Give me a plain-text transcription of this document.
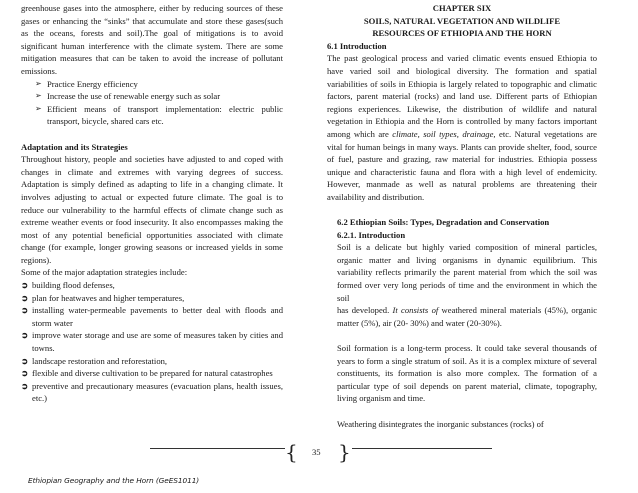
greenhouse gases into the atmosphere, either by reducing sources of these gases or enhancing the “sinks” that accumulate and store these gases(such as the oceans, forests and soil).The goal of mitigations is to avoid significant human interference with the climate system. There are some mitigation measures that can be taken to avoid the increase of pollutant emissions.

➢ Practice Energy efficiency
➢ Increase the use of renewable energy such as solar
➢ Efficient means of transport implementation: electric public transport, bicycle, shared cars etc.

Adaptation and its Strategies

Throughout history, people and societies have adjusted to and coped with changes in climate and extremes with varying degrees of success. Adaptation is simply defined as adapting to life in a changing climate. It involves adjusting to actual or expected future climate. The goal is to reduce our vulnerability to the harmful effects of climate change such as extreme weather events or food insecurity. It also encompasses making the most of any potential beneficial opportunities associated with climate change (for example, longer growing seasons or increased yields in some regions).

Some of the major adaptation strategies include:

➲ building flood defenses,
➲ plan for heatwaves and higher temperatures,
➲ installing water-permeable pavements to better deal with floods and storm water
➲ improve water storage and use are some of measures taken by cities and towns.
➲ landscape restoration and reforestation,
➲ flexible and diverse cultivation to be prepared for natural catastrophes
➲ preventive and precautionary measures (evacuation plans, health issues, etc.)

CHAPTER SIX

SOILS, NATURAL VEGETATION AND WILDLIFE

RESOURCES OF ETHIOPIA AND THE HORN

6.1 Introduction

The past geological process and varied climatic events ensued Ethiopia to have varied soil and biological diversity. The formation and spatial variabilities of soils in Ethiopia is largely related to topographic and climatic factors, parent material (rocks) and land use. Different parts of Ethiopian regions experiences. Likewise, the distribution of wildlife and natural vegetation in Ethiopia and the Horn is controlled by many factors important among which are climate, soil types, drainage, etc. Natural vegetations are vital for human beings in many ways. Plants can provide shelter, food, source of fuel, pasture and grazing, raw material for industries. Ethiopia possess unique and characteristic fauna and flora with a high level of endemicity. However, manmade as well as natural problems are threatening their availability and distribution.

6.2 Ethiopian Soils: Types, Degradation and Conservation

6.2.1. Introduction

Soil is a delicate but highly varied composition of mineral particles, organic matter and living organisms in dynamic equilibrium. This variability reflects primarily the parent material from which the soil was formed over very long periods of time and the environment in which the soil

has developed. It consists of weathered mineral materials (45%), organic matter (5%), air (20- 30%) and water (20-30%).

Soil formation is a long-term process. It could take several thousands of years to form a single stratum of soil. As it is a complex mixture of several constituents, its formation is also more complex. The formation of a particular type of soil depends on parent material, climate, topography, living organism and time.

Weathering disintegrates the inorganic substances (rocks) of

{ 35 }
Ethiopian Geography and the Horn (GeES1011)
